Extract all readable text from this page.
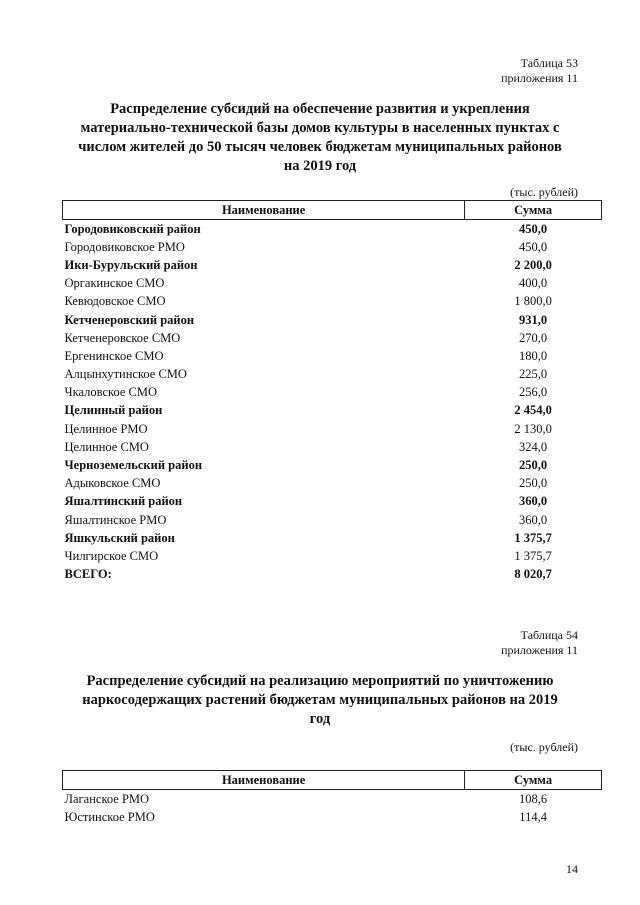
Таблица 53
приложения 11
Распределение субсидий на обеспечение развития и укрепления
материально-технической базы домов культуры в населенных пунктах с
числом жителей до 50 тысяч человек бюджетам муниципальных районов
на 2019 год
(тыс. рублей)
Наименование	Сумма
Городовиковский район	450,0
Городовиковское РМО	450,0
Ики-Бурульский район	2 200,0
Оргакинское СМО	400,0
Кевюдовское СМО	1 800,0
Кетченеровский район	931,0
Кетченеровское СМО	270,0
Ергенинское СМО	180,0
Алцынхутинское СМО	225,0
Чкаловское СМО	256,0
Целинный район	2 454,0
Целинное РМО	2 130,0
Целинное СМО	324,0
Черноземельский район	250,0
Адыковское СМО	250,0
Яшалтинский район	360,0
Яшалтинское РМО	360,0
Яшкульский район	1 375,7
Чилгирское СМО	1 375,7
ВСЕГО:	8 020,7
Таблица 54
приложения 11
Распределение субсидий на реализацию мероприятий по уничтожению
наркосодержащих растений бюджетам муниципальных районов на 2019
год
(тыс. рублей)
Наименование	Сумма
Лаганское РМО	108,6
Юстинское РМО	114,4
14
